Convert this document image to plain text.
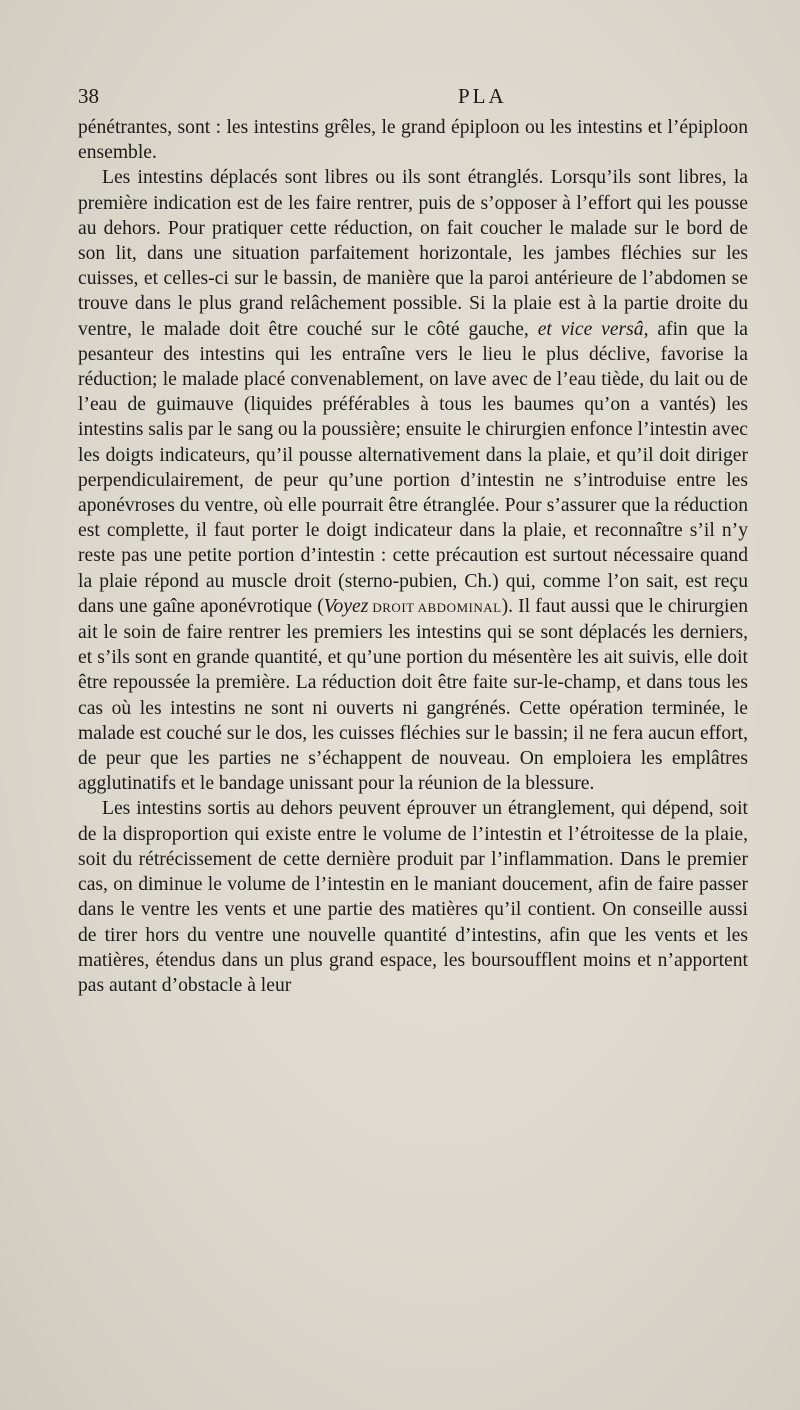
38	PLA

pénétrantes, sont : les intestins grêles, le grand épiploon ou les intestins et l’épiploon ensemble.

Les intestins déplacés sont libres ou ils sont étranglés. Lorsqu’ils sont libres, la première indication est de les faire rentrer, puis de s’opposer à l’effort qui les pousse au dehors. Pour pratiquer cette réduction, on fait coucher le malade sur le bord de son lit, dans une situation parfaitement horizontale, les jambes fléchies sur les cuisses, et celles-ci sur le bassin, de manière que la paroi antérieure de l’abdomen se trouve dans le plus grand relâchement possible. Si la plaie est à la partie droite du ventre, le malade doit être couché sur le côté gauche, et vice versâ, afin que la pesanteur des intestins qui les entraîne vers le lieu le plus déclive, favorise la réduction; le malade placé convenablement, on lave avec de l’eau tiède, du lait ou de l’eau de guimauve (liquides préférables à tous les baumes qu’on a vantés) les intestins salis par le sang ou la poussière; ensuite le chirurgien enfonce l’intestin avec les doigts indicateurs, qu’il pousse alternativement dans la plaie, et qu’il doit diriger perpendiculairement, de peur qu’une portion d’intestin ne s’introduise entre les aponévroses du ventre, où elle pourrait être étranglée. Pour s’assurer que la réduction est complette, il faut porter le doigt indicateur dans la plaie, et reconnaître s’il n’y reste pas une petite portion d’intestin : cette précaution est surtout nécessaire quand la plaie répond au muscle droit (sterno-pubien, Ch.) qui, comme l’on sait, est reçu dans une gaîne aponévrotique (Voyez DROIT ABDOMINAL). Il faut aussi que le chirurgien ait le soin de faire rentrer les premiers les intestins qui se sont déplacés les derniers, et s’ils sont en grande quantité, et qu’une portion du mésentère les ait suivis, elle doit être repoussée la première. La réduction doit être faite sur-le-champ, et dans tous les cas où les intestins ne sont ni ouverts ni gangrénés. Cette opération terminée, le malade est couché sur le dos, les cuisses fléchies sur le bassin; il ne fera aucun effort, de peur que les parties ne s’échappent de nouveau. On emploiera les emplâtres agglutinatifs et le bandage unissant pour la réunion de la blessure.

Les intestins sortis au dehors peuvent éprouver un étranglement, qui dépend, soit de la disproportion qui existe entre le volume de l’intestin et l’étroitesse de la plaie, soit du rétrécissement de cette dernière produit par l’inflammation. Dans le premier cas, on diminue le volume de l’intestin en le maniant doucement, afin de faire passer dans le ventre les vents et une partie des matières qu’il contient. On conseille aussi de tirer hors du ventre une nouvelle quantité d’intestins, afin que les vents et les matières, étendus dans un plus grand espace, les boursoufflent moins et n’apportent pas autant d’obstacle à leur
